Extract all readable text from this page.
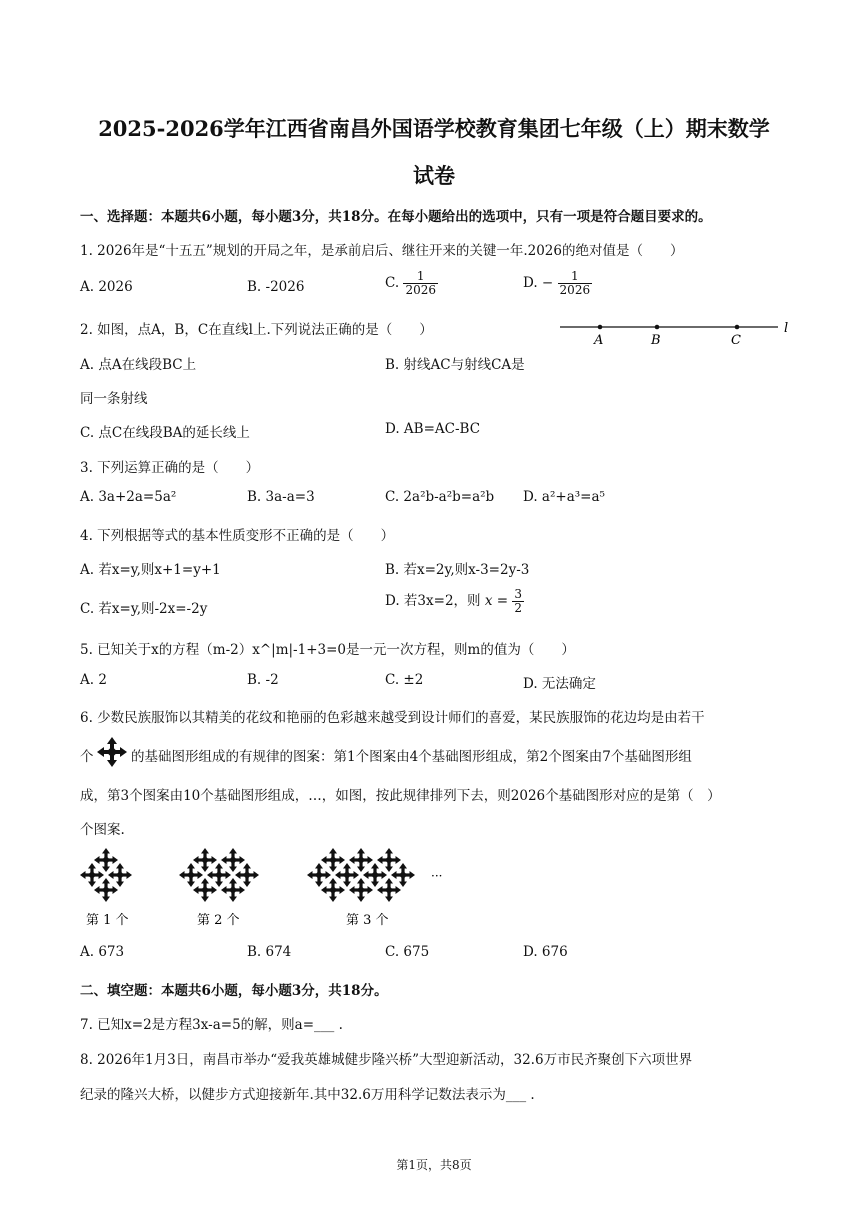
2025-2026学年江西省南昌外国语学校教育集团七年级（上）期末数学
试卷
一、选择题：本题共6小题，每小题3分，共18分。在每小题给出的选项中，只有一项是符合题目要求的。
1. 2026年是“十五五”规划的开局之年，是承前启后、继往开来的关键一年.2026的绝对值是（　　）
A. 2026	B. -2026	C. $\frac{1}{2026}$	D. − $\frac{1}{2026}$
2. 如图，点A，B，C在直线l上.下列说法正确的是（　　）
A	B	C
l
A. 点A在线段BC上	B. 射线AC与射线CA是
同一条射线
C. 点C在线段BA的延长线上	D. AB=AC-BC
3. 下列运算正确的是（　　）
A. 3a+2a=5a²	B. 3a-a=3	C. 2a²b-a²b=a²b D. a²+a³=a⁵
4. 下列根据等式的基本性质变形不正确的是（　　）
A. 若x=y,则x+1=y+1	B. 若x=2y,则x-3=2y-3
C. 若x=y,则-2x=-2y	D. 若3x=2，则 $x = \frac{3}{2}$
5. 已知关于x的方程（m-2）x^|m|-1+3=0是一元一次方程，则m的值为（　　）
A. 2	B. -2	C. ±2	D. 无法确定
6. 少数民族服饰以其精美的花纹和艳丽的色彩越来越受到设计师们的喜爱，某民族服饰的花边均是由若干
个	的基础图形组成的有规律的图案：第1个图案由4个基础图形组成，第2个图案由7个基础图形组
成，第3个图案由10个基础图形组成，…，如图，按此规律排列下去，则2026个基础图形对应的是第（　）
个图案.
···
第 1 个	第 2 个	第 3 个
A. 673	B. 674	C. 675	D. 676
二、填空题：本题共6小题，每小题3分，共18分。
7. 已知x=2是方程3x-a=5的解，则a=___ .
8. 2026年1月3日，南昌市举办“爱我英雄城健步隆兴桥”大型迎新活动，32.6万市民齐聚创下六项世界
纪录的隆兴大桥，以健步方式迎接新年.其中32.6万用科学记数法表示为___ .
第1页，共8页
